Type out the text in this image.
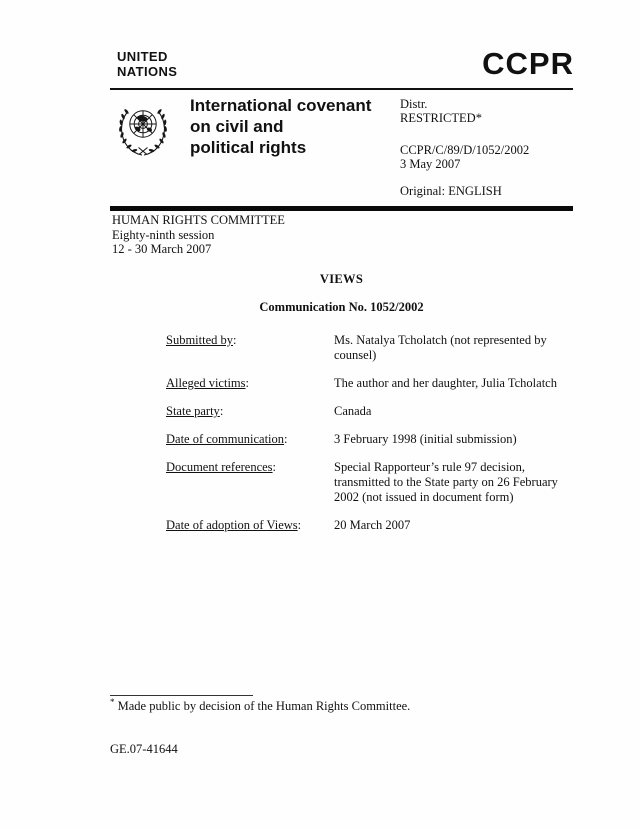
UNITED
NATIONS	CCPR
International covenant
on civil and
political rights
Distr.
RESTRICTED*
CCPR/C/89/D/1052/2002
3 May 2007
Original: ENGLISH
HUMAN RIGHTS COMMITTEE
Eighty-ninth session
12 - 30 March 2007
VIEWS
Communication No. 1052/2002
Submitted by:	Ms. Natalya Tcholatch (not represented by counsel)
Alleged victims:	The author and her daughter, Julia Tcholatch
State party:	Canada
Date of communication:	3 February 1998 (initial submission)
Document references:	Special Rapporteur’s rule 97 decision, transmitted to the State party on 26 February 2002 (not issued in document form)
Date of adoption of Views:	20 March 2007
* Made public by decision of the Human Rights Committee.
GE.07-41644
